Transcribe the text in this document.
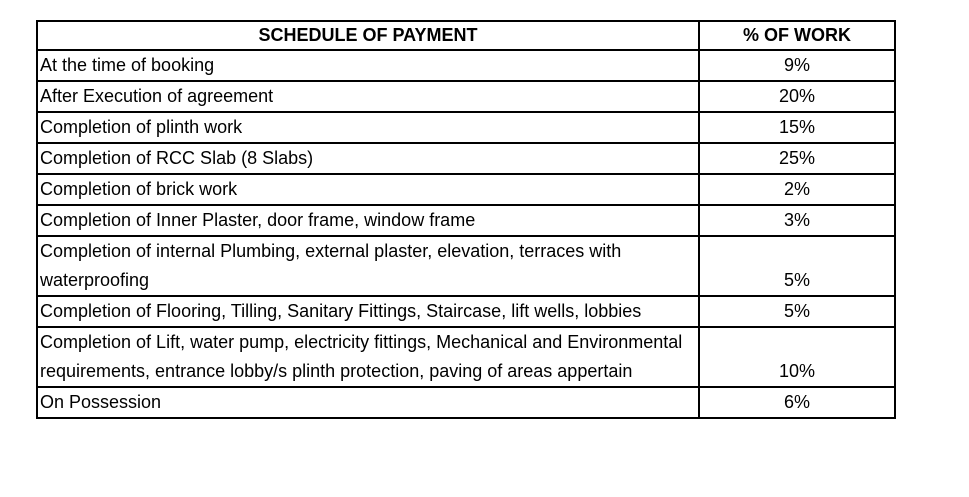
SCHEDULE OF PAYMENT	% OF WORK
At the time of booking	9%
After Execution of agreement	20%
Completion of plinth work	15%
Completion of RCC Slab (8 Slabs)	25%
Completion of brick work	2%
Completion of Inner Plaster, door frame, window frame	3%
Completion of internal Plumbing, external plaster, elevation, terraces with waterproofing	5%
Completion of Flooring, Tilling, Sanitary Fittings, Staircase, lift wells, lobbies	5%
Completion of Lift, water pump, electricity fittings, Mechanical and Environmental requirements, entrance lobby/s plinth protection, paving of areas appertain	10%
On Possession	6%
